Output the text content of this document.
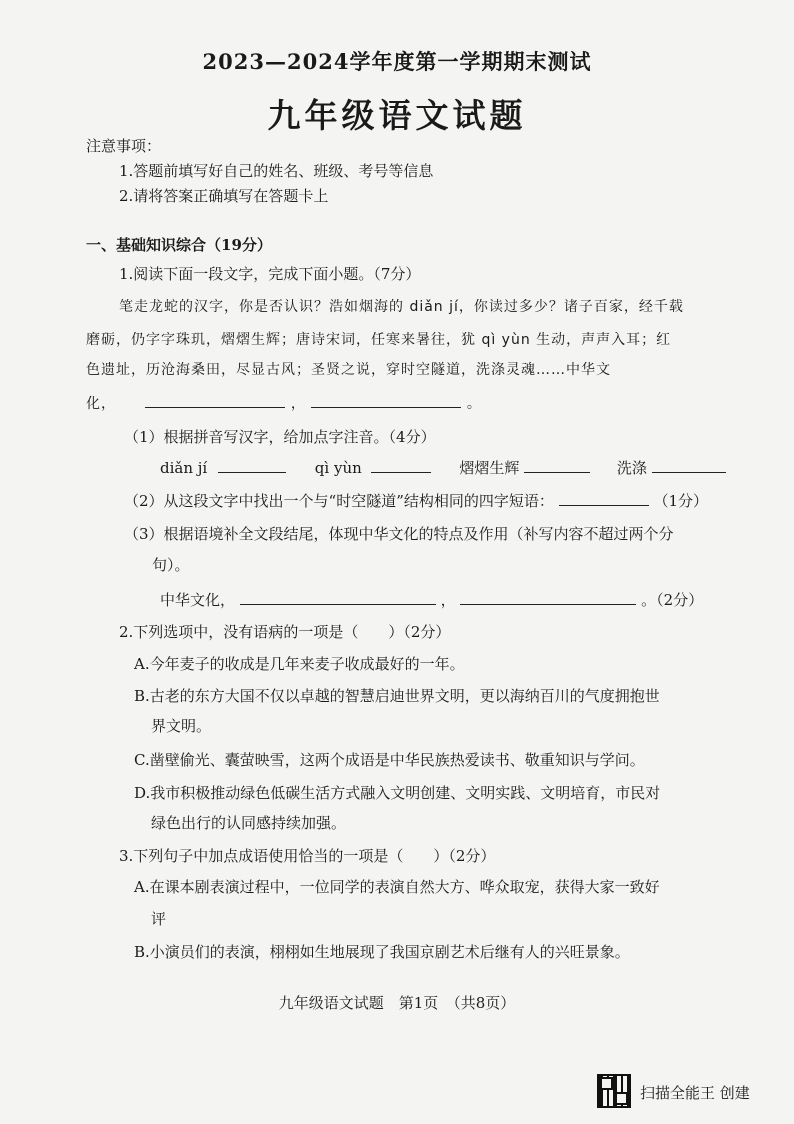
2023—2024学年度第一学期期末测试
九年级语文试题
注意事项：
1.答题前填写好自己的姓名、班级、考号等信息
2.请将答案正确填写在答题卡上
一、基础知识综合（19分）
1.阅读下面一段文字，完成下面小题。（7分）
笔走龙蛇的汉字，你是否认识？浩如烟海的 diǎn jí，你读过多少？诸子百家，经千载
磨砺，仍字字珠玑，熠熠生辉；唐诗宋词，任寒来暑往，犹 qì yùn 生动，声声入耳；红
色遗址，历沧海桑田，尽显古风；圣贤之说，穿时空隧道，洗涤灵魂……中华文
化，	，	。
（1）根据拼音写汉字，给加点字注音。（4分）
diǎn jí	qì yùn	熠熠生辉	洗涤
（2）从这段文字中找出一个与“时空隧道”结构相同的四字短语：	（1分）
（3）根据语境补全文段结尾，体现中华文化的特点及作用（补写内容不超过两个分
句）。
中华文化，	，	。（2分）
2.下列选项中，没有语病的一项是（　　）（2分）
A.今年麦子的收成是几年来麦子收成最好的一年。
B.古老的东方大国不仅以卓越的智慧启迪世界文明，更以海纳百川的气度拥抱世
界文明。
C.凿壁偷光、囊萤映雪，这两个成语是中华民族热爱读书、敬重知识与学问。
D.我市积极推动绿色低碳生活方式融入文明创建、文明实践、文明培育，市民对
绿色出行的认同感持续加强。
3.下列句子中加点成语使用恰当的一项是（　　）（2分）
A.在课本剧表演过程中，一位同学的表演自然大方、哗众取宠，获得大家一致好
评
B.小演员们的表演，栩栩如生地展现了我国京剧艺术后继有人的兴旺景象。
九年级语文试题　第1页　（共8页）
扫描全能王 创建
